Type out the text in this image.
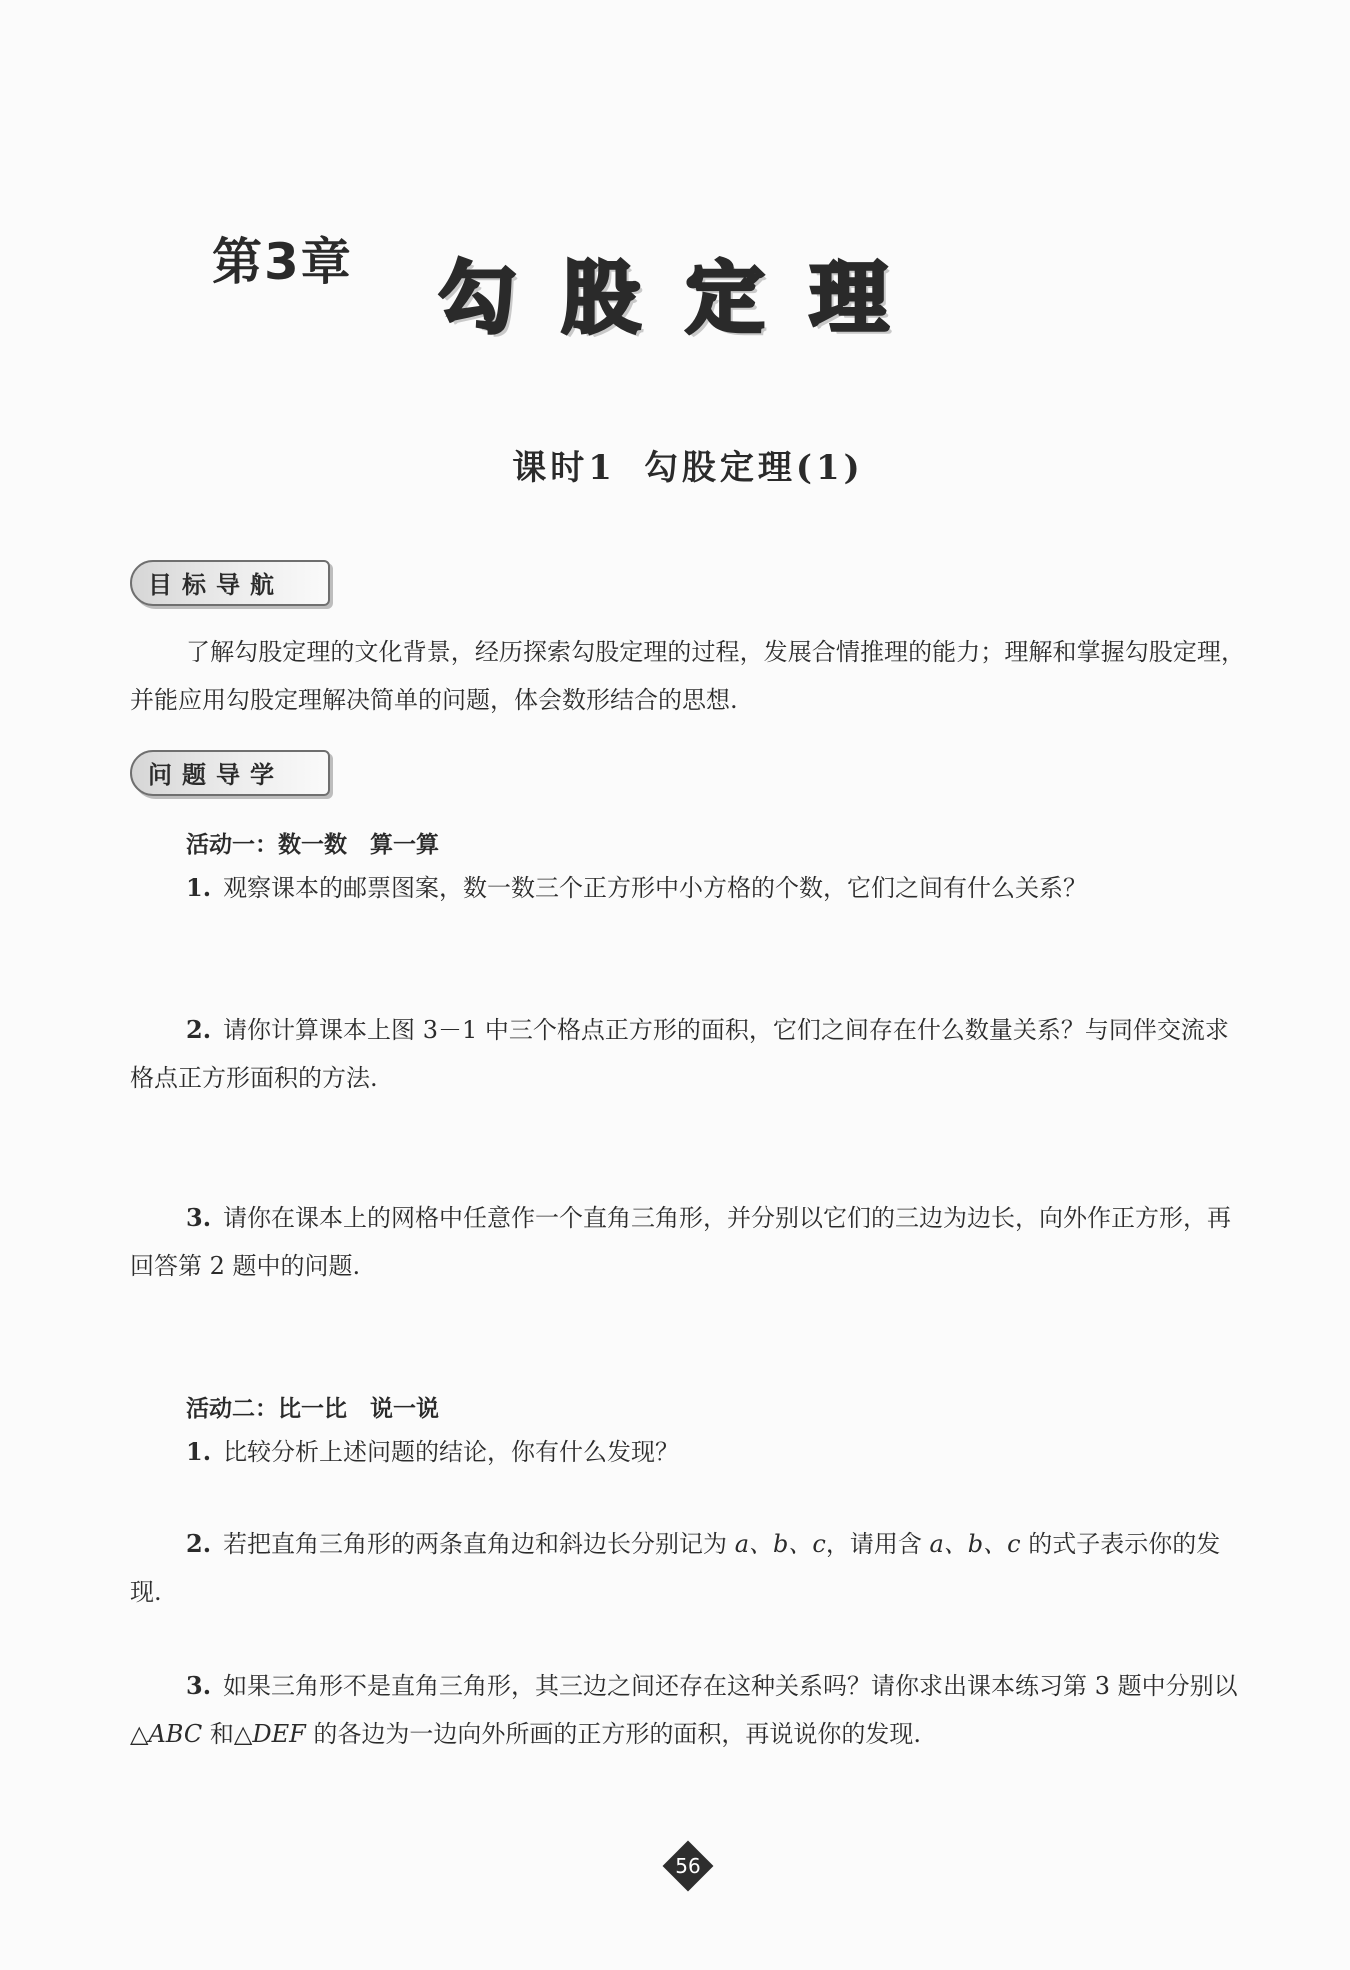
第3章 勾股定理
课时1 勾股定理(1)
目标导航
了解勾股定理的文化背景，经历探索勾股定理的过程，发展合情推理的能力；理解和掌握勾股定理，并能应用勾股定理解决简单的问题，体会数形结合的思想.
问题导学
活动一：数一数　算一算
1. 观察课本的邮票图案，数一数三个正方形中小方格的个数，它们之间有什么关系？
2. 请你计算课本上图 3－1 中三个格点正方形的面积，它们之间存在什么数量关系？与同伴交流求格点正方形面积的方法.
3. 请你在课本上的网格中任意作一个直角三角形，并分别以它们的三边为边长，向外作正方形，再回答第 2 题中的问题.
活动二：比一比　说一说
1. 比较分析上述问题的结论，你有什么发现？
2. 若把直角三角形的两条直角边和斜边长分别记为 a、b、c，请用含 a、b、c 的式子表示你的发现.
3. 如果三角形不是直角三角形，其三边之间还存在这种关系吗？请你求出课本练习第 3 题中分别以△ABC 和△DEF 的各边为一边向外所画的正方形的面积，再说说你的发现.
56
